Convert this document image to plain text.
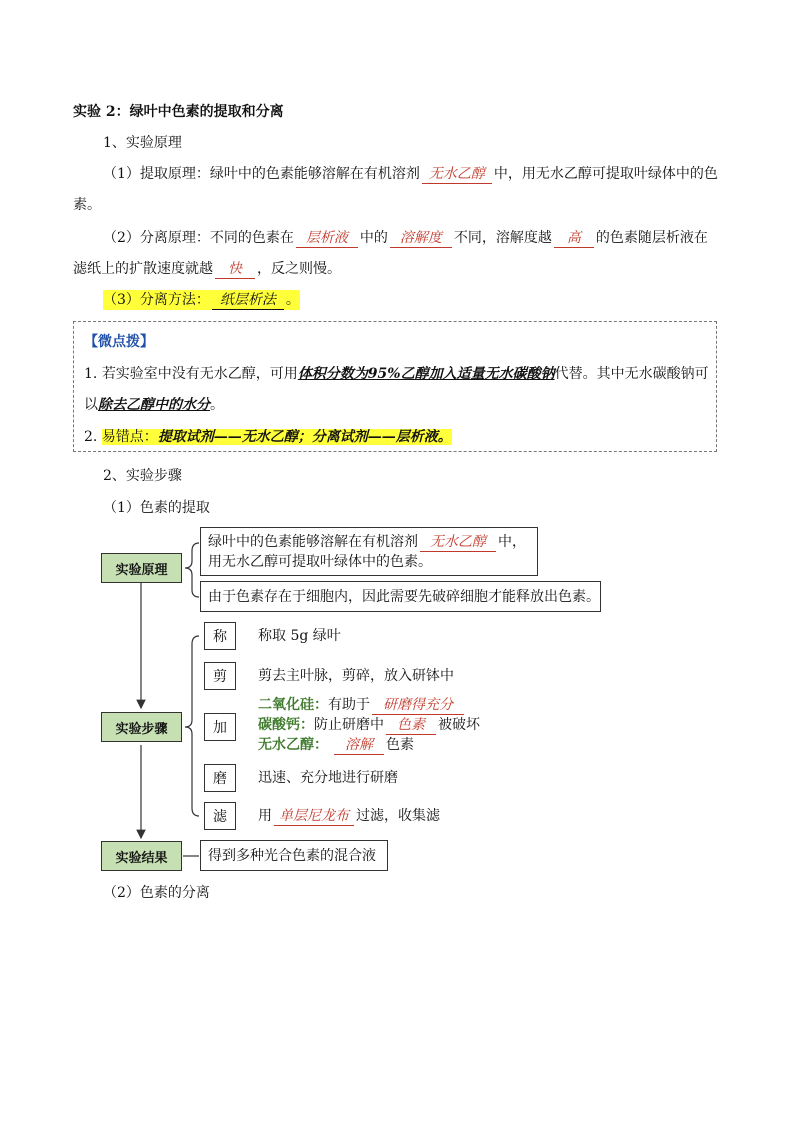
实验 2：绿叶中色素的提取和分离
1、实验原理
（1）提取原理：绿叶中的色素能够溶解在有机溶剂 无水乙醇 中，用无水乙醇可提取叶绿体中的色
素。
（2）分离原理：不同的色素在 层析液 中的 溶解度 不同，溶解度越 高 的色素随层析液在
滤纸上的扩散速度就越 快 ，反之则慢。
（3）分离方法： 纸层析法 。
【微点拨】
1. 若实验室中没有无水乙醇，可用体积分数为95%乙醇加入适量无水碳酸钠代替。其中无水碳酸钠可
以除去乙醇中的水分。
2. 易错点：提取试剂——无水乙醇；分离试剂——层析液。
2、实验步骤
（1）色素的提取
实验原理
实验步骤
实验结果
绿叶中的色素能够溶解在有机溶剂 无水乙醇 中，
用无水乙醇可提取叶绿体中的色素。
由于色素存在于细胞内，因此需要先破碎细胞才能释放出色素。
称	称取 5g 绿叶
剪	剪去主叶脉，剪碎，放入研钵中
加
二氧化硅：有助于 研磨得充分
碳酸钙：防止研磨中 色素 被破坏
无水乙醇： 溶解 色素
磨	迅速、充分地进行研磨
滤	用 单层尼龙布 过滤，收集滤
得到多种光合色素的混合液
（2）色素的分离
